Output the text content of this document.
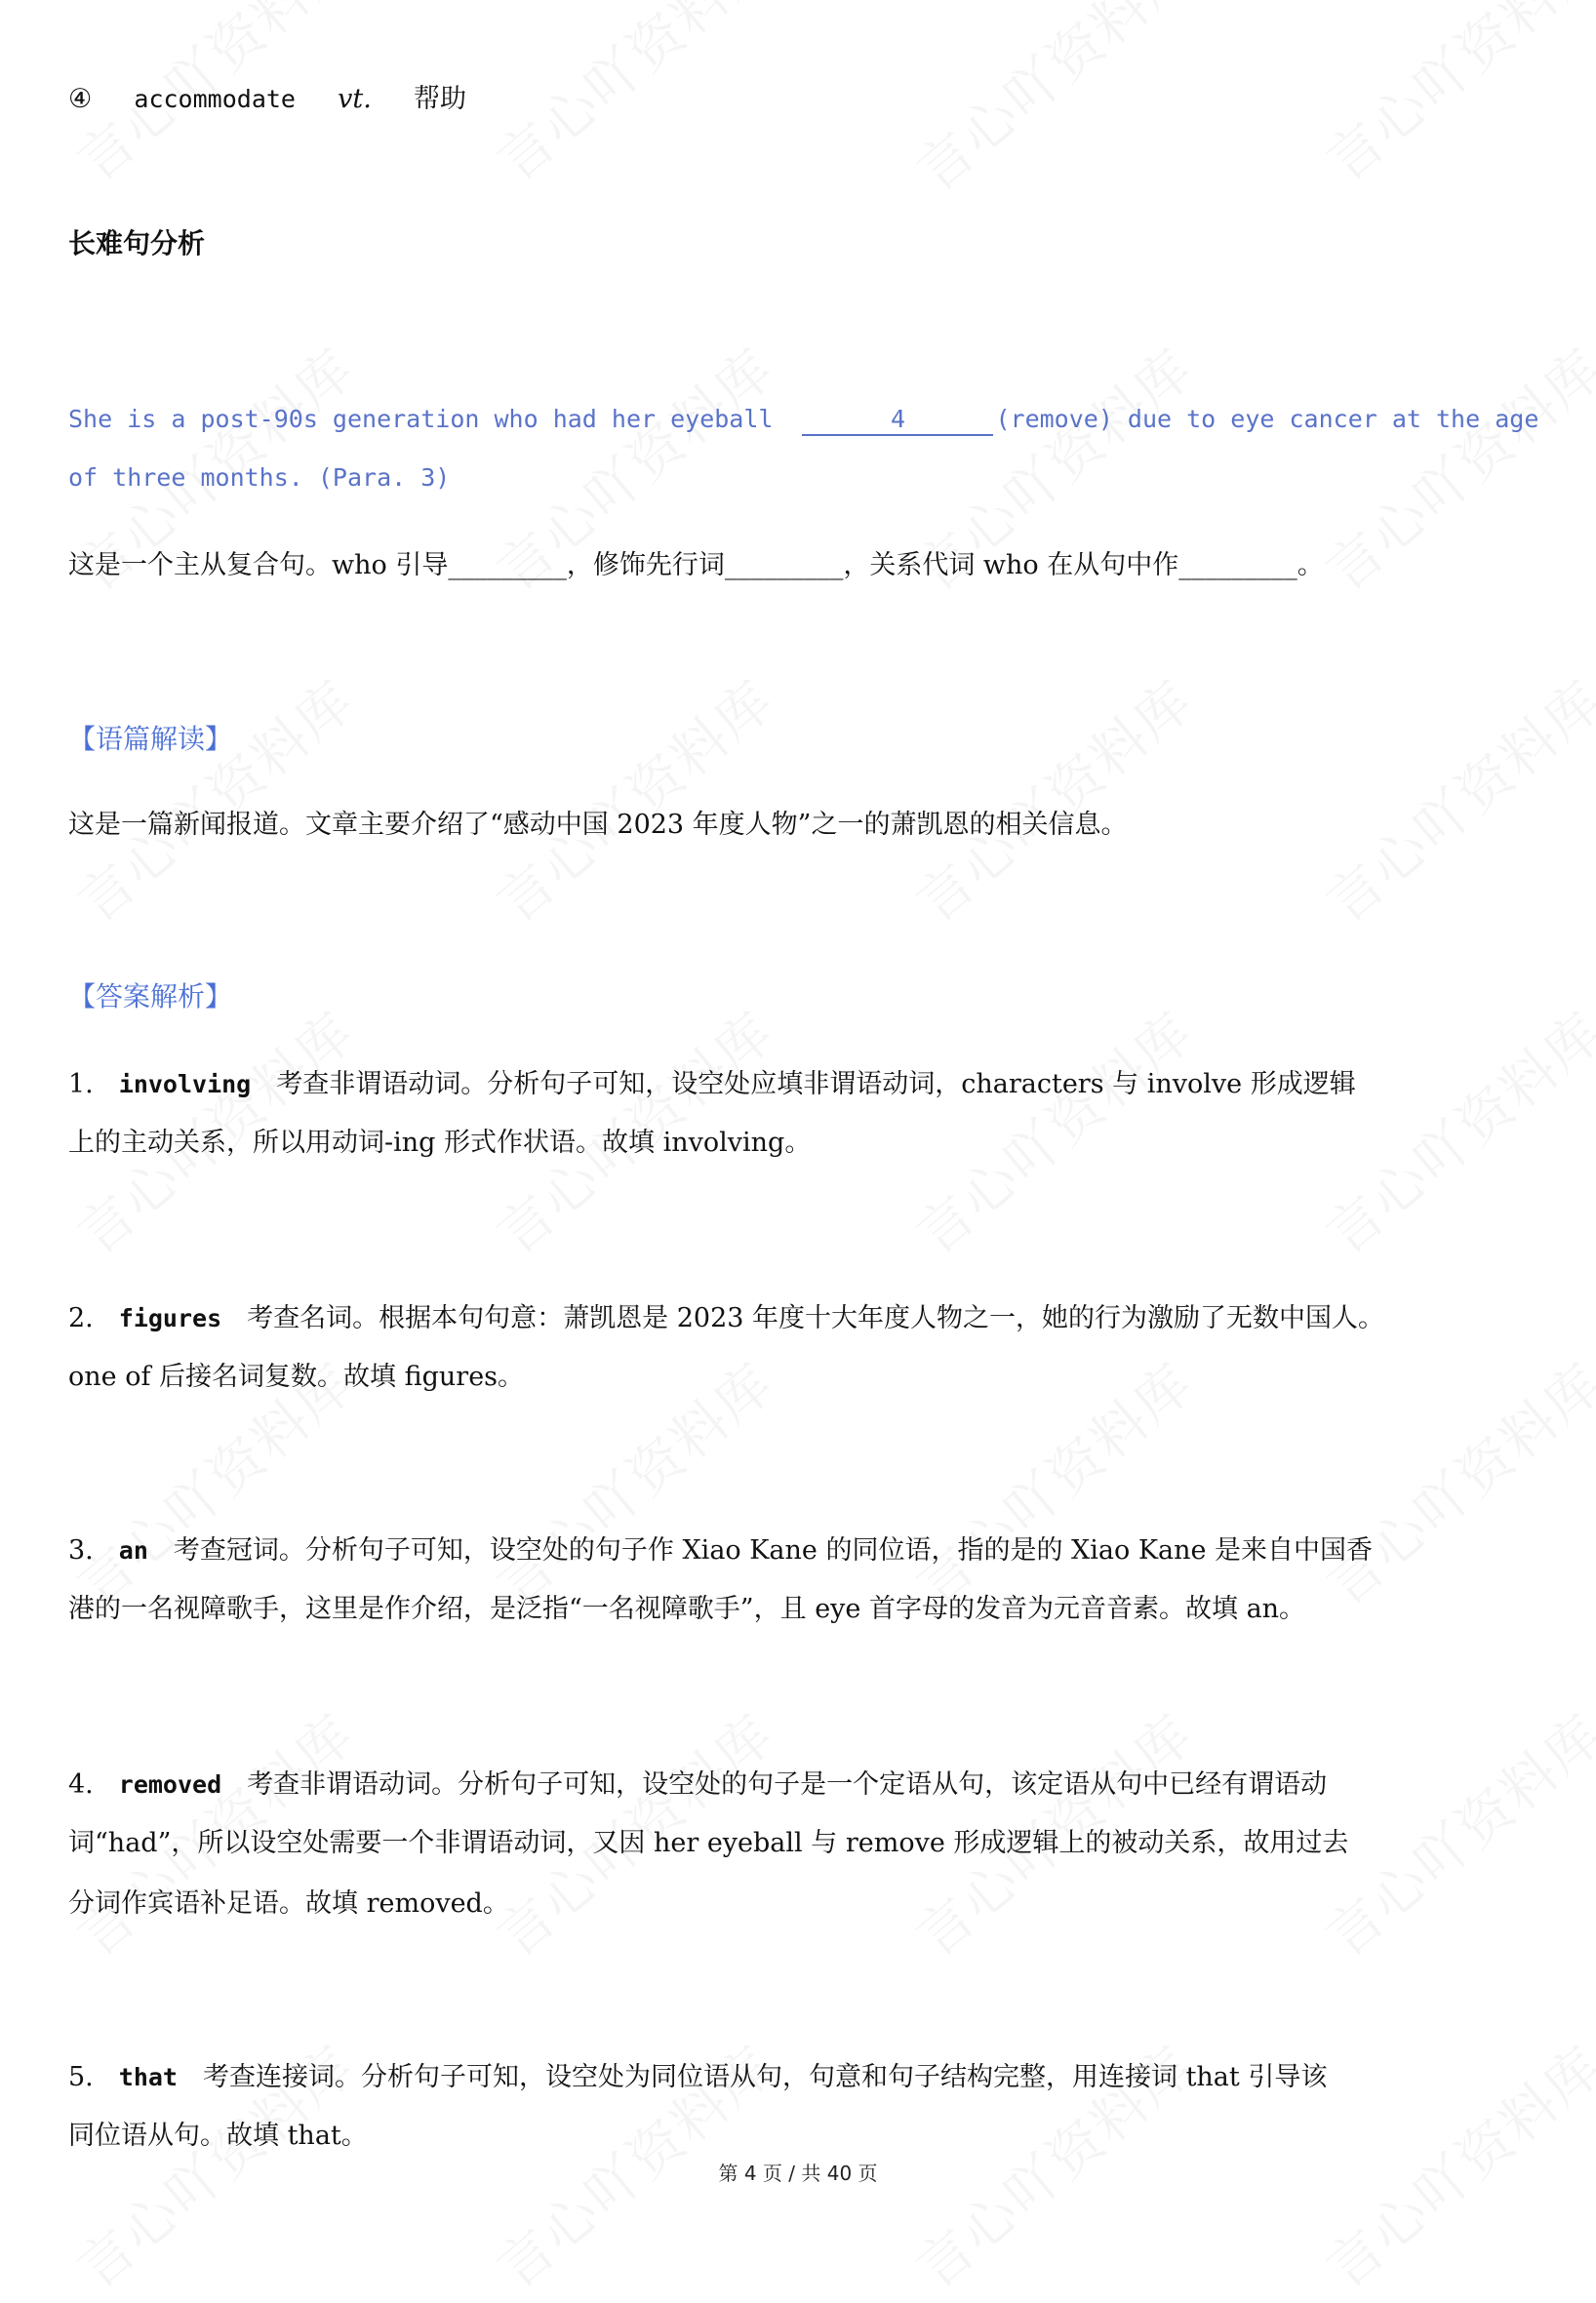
④ accommodate vt. 帮助
长难句分析
She is a post-90s generation who had her eyeball	4	(remove) due to eye cancer at the age
of three months. (Para. 3)
这是一个主从复合句。who 引导_________，修饰先行词_________，关系代词 who 在从句中作_________。
【语篇解读】
这是一篇新闻报道。文章主要介绍了“感动中国 2023 年度人物”之一的萧凯恩的相关信息。
【答案解析】
1. involving 考查非谓语动词。分析句子可知，设空处应填非谓语动词，characters 与 involve 形成逻辑
上的主动关系，所以用动词-ing 形式作状语。故填 involving。
2. figures 考查名词。根据本句句意：萧凯恩是 2023 年度十大年度人物之一，她的行为激励了无数中国人。
one of 后接名词复数。故填 figures。
3. an 考查冠词。分析句子可知，设空处的句子作 Xiao Kane 的同位语，指的是的 Xiao Kane 是来自中国香
港的一名视障歌手，这里是作介绍，是泛指“一名视障歌手”，且 eye 首字母的发音为元音音素。故填 an。
4. removed 考查非谓语动词。分析句子可知，设空处的句子是一个定语从句，该定语从句中已经有谓语动
词“had”，所以设空处需要一个非谓语动词，又因 her eyeball 与 remove 形成逻辑上的被动关系，故用过去
分词作宾语补足语。故填 removed。
5. that 考查连接词。分析句子可知，设空处为同位语从句，句意和句子结构完整，用连接词 that 引导该
同位语从句。故填 that。
第 4 页 / 共 40 页
